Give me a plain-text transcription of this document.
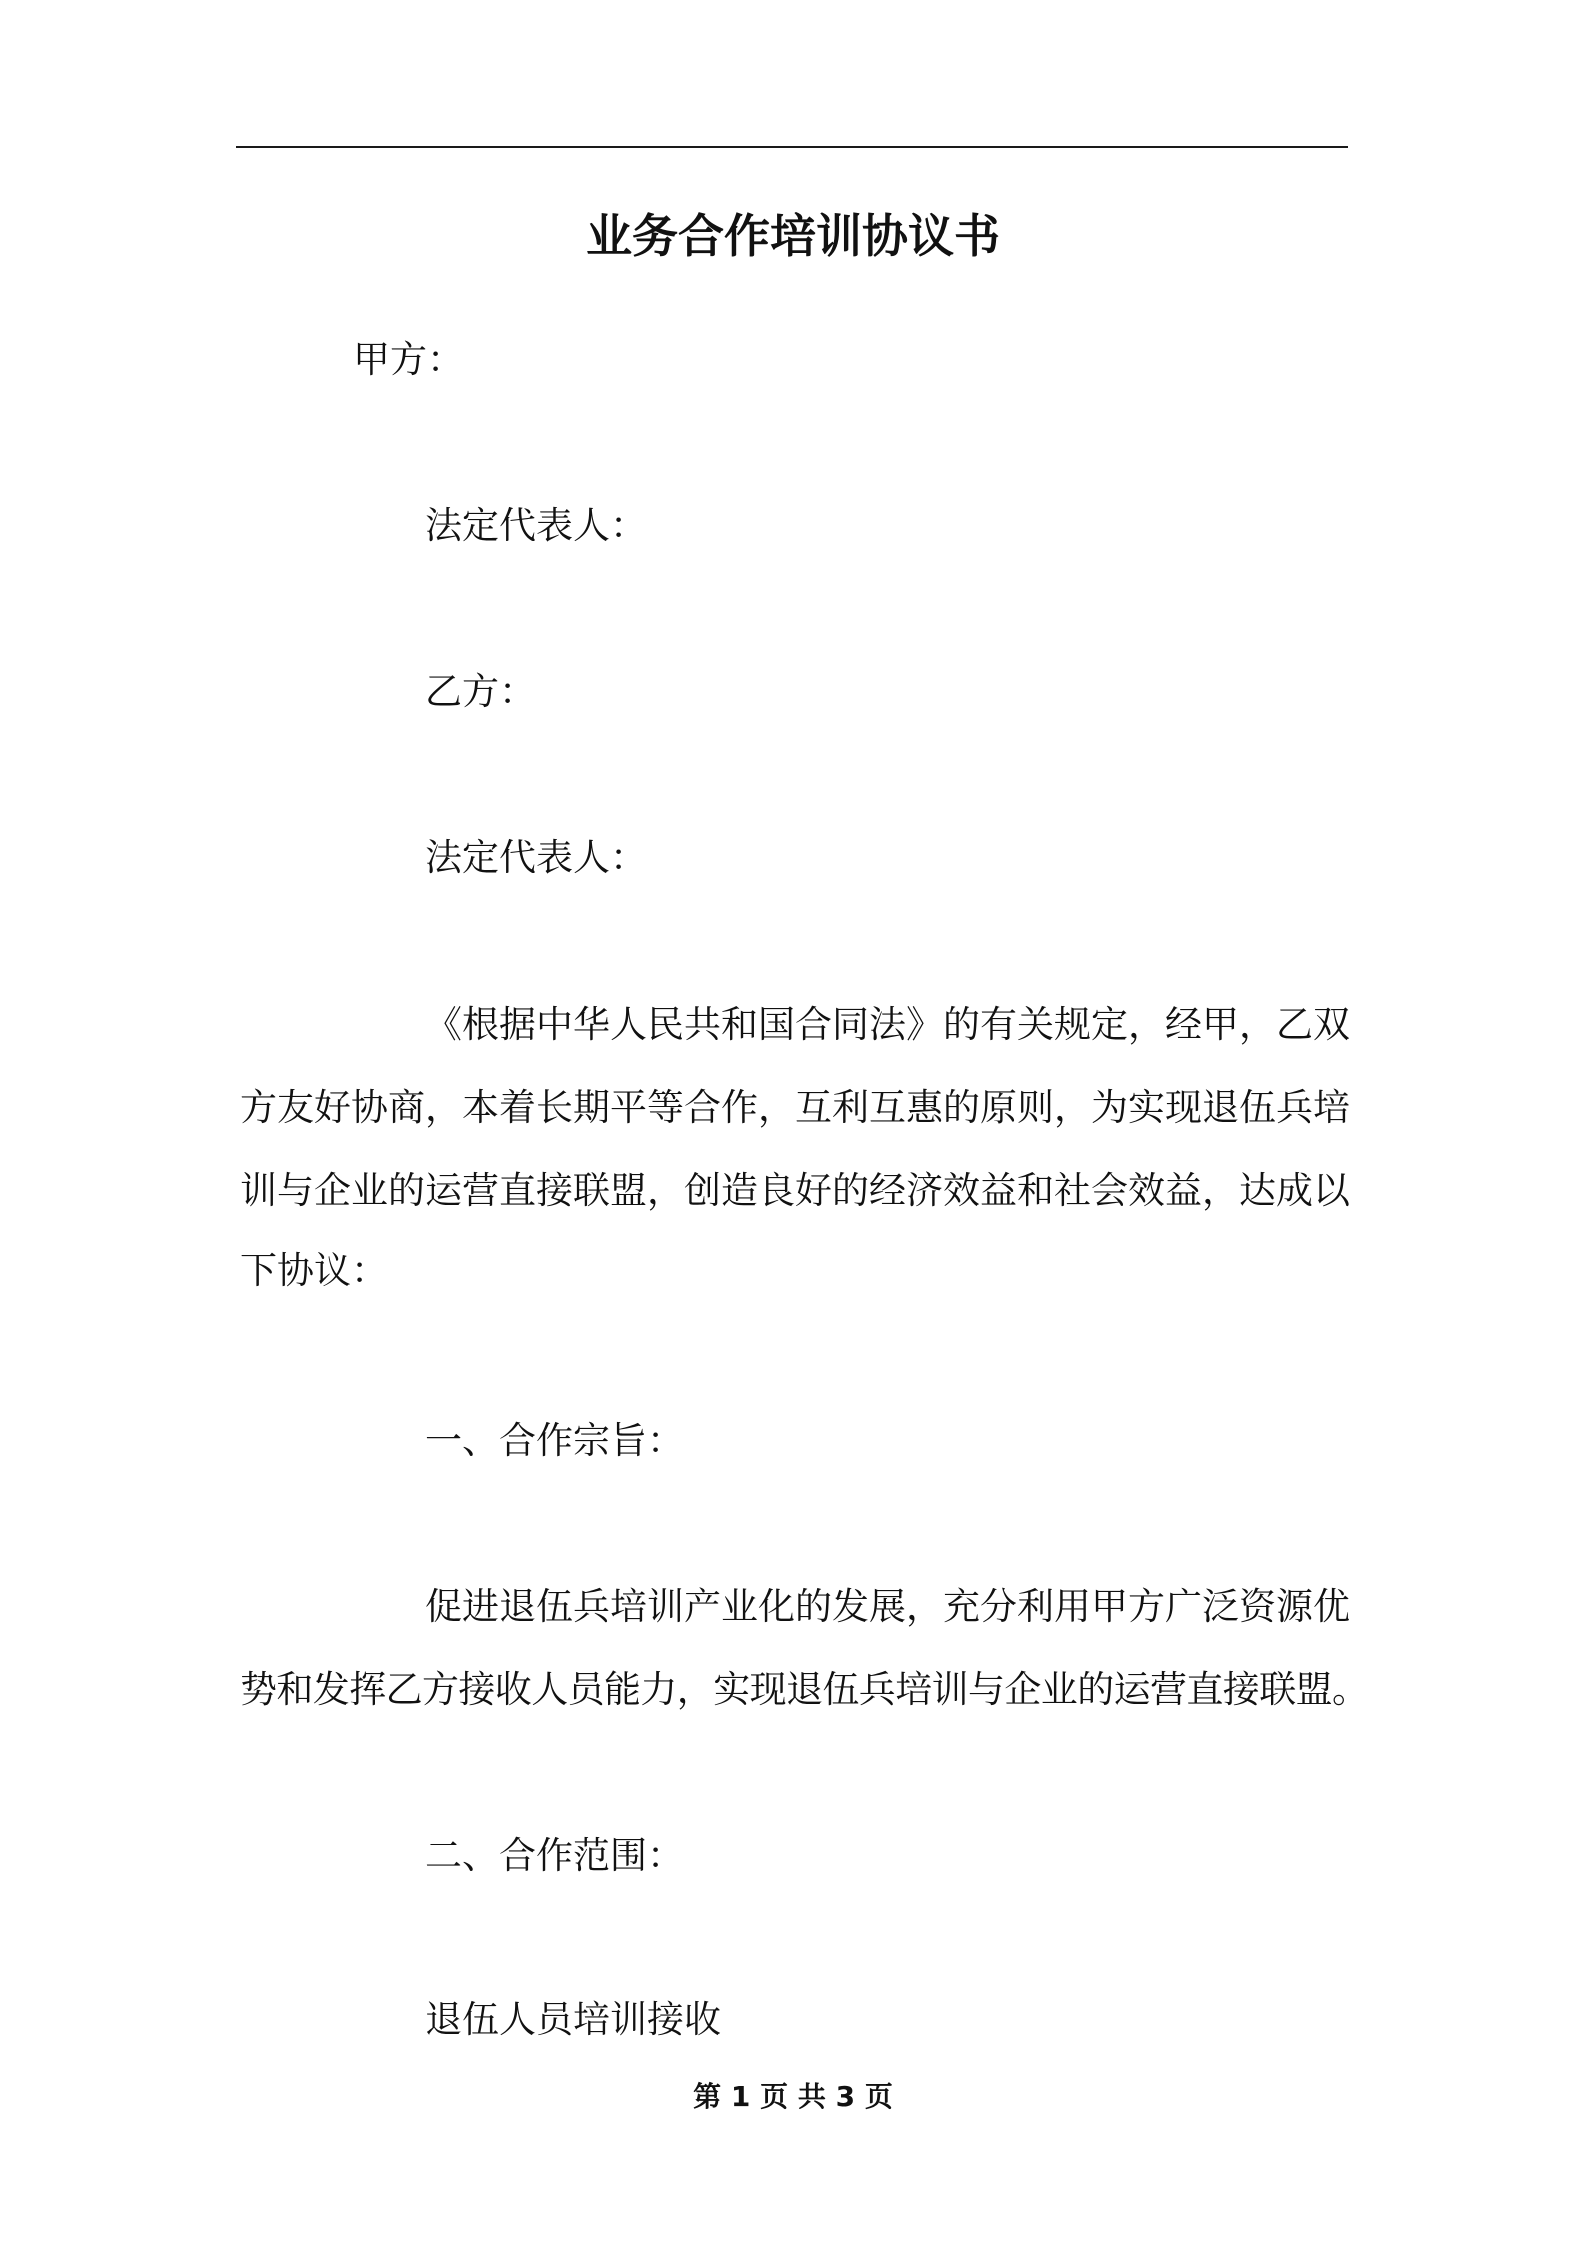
业务合作培训协议书
甲方：
法定代表人：
乙方：
法定代表人：
《根据中华人民共和国合同法》的有关规定，经甲，乙双
方友好协商，本着长期平等合作，互利互惠的原则，为实现退伍兵培
训与企业的运营直接联盟，创造良好的经济效益和社会效益，达成以
下协议：
一、合作宗旨：
促进退伍兵培训产业化的发展，充分利用甲方广泛资源优
势和发挥乙方接收人员能力，实现退伍兵培训与企业的运营直接联盟。
二、合作范围：
退伍人员培训接收
第 1 页 共 3 页
